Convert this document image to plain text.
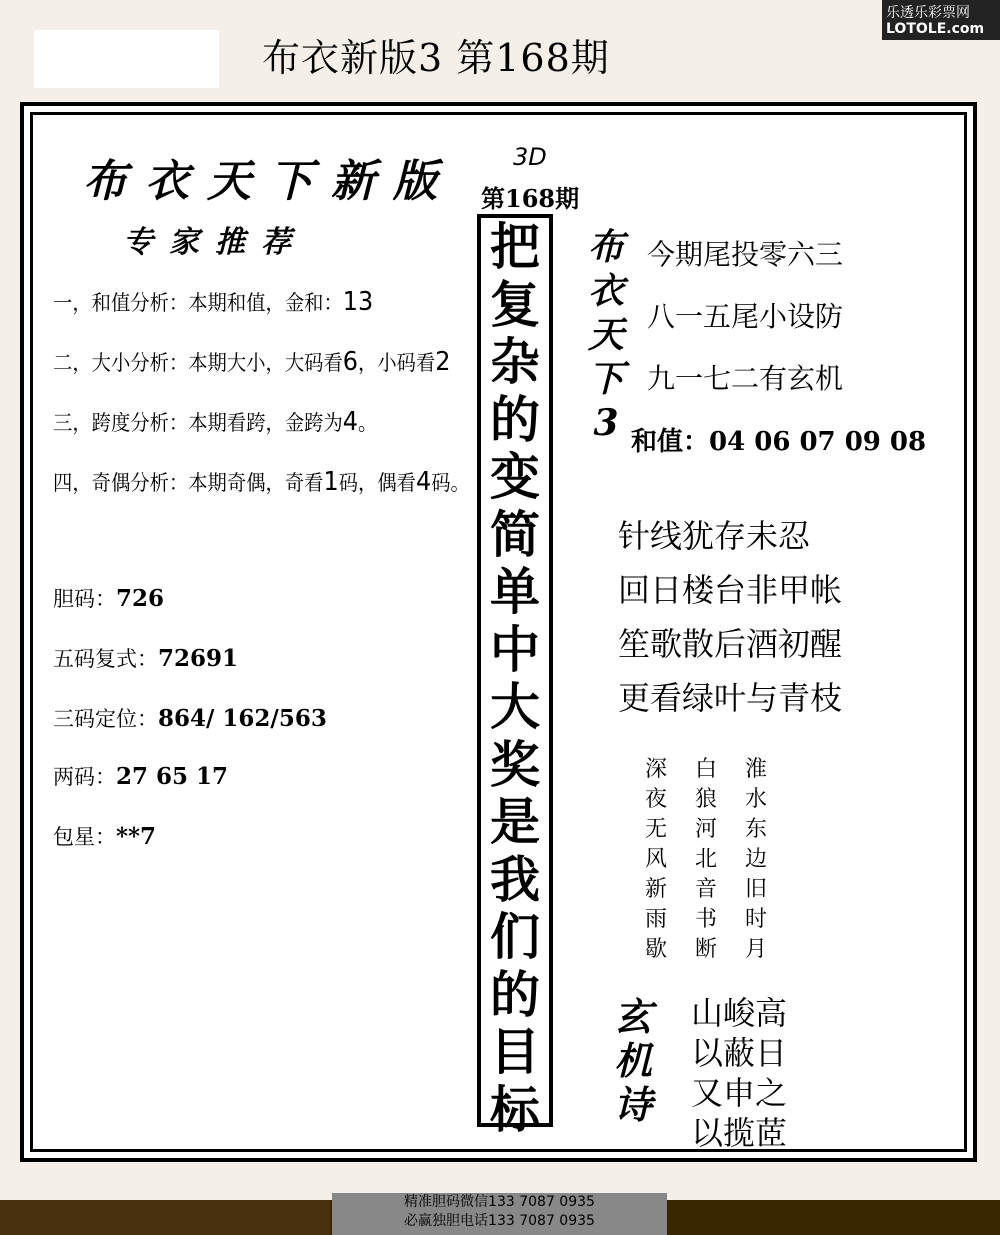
布衣新版3 第168期
乐透乐彩票网
LOTOLE.com
布衣天下新版
专家推荐
一，和值分析：本期和值，金和：13
二，大小分析：本期大小，大码看6，小码看2
三，跨度分析：本期看跨，金跨为4。
四，奇偶分析：本期奇偶，奇看1码，偶看4码。
胆码：726
五码复式：72691
三码定位：864/ 162/563
两码：27 65 17
包星：**7
3D
第168期
把
复
杂
的
变
简
单
中
大
奖
是
我
们
的
目
标
布
衣
天
下
3
今期尾投零六三
八一五尾小设防
九一七二有玄机
和值：04 06 07 09 08
针线犹存未忍
回日楼台非甲帐
笙歌散后酒初醒
更看绿叶与青枝
深
夜
无
风
新
雨
歇
白
狼
河
北
音
书
断
淮
水
东
边
旧
时
月
玄
机
诗
山峻高
以蔽日
又申之
以揽茝
精准胆码微信133 7087 0935
必赢独胆电话133 7087 0935
